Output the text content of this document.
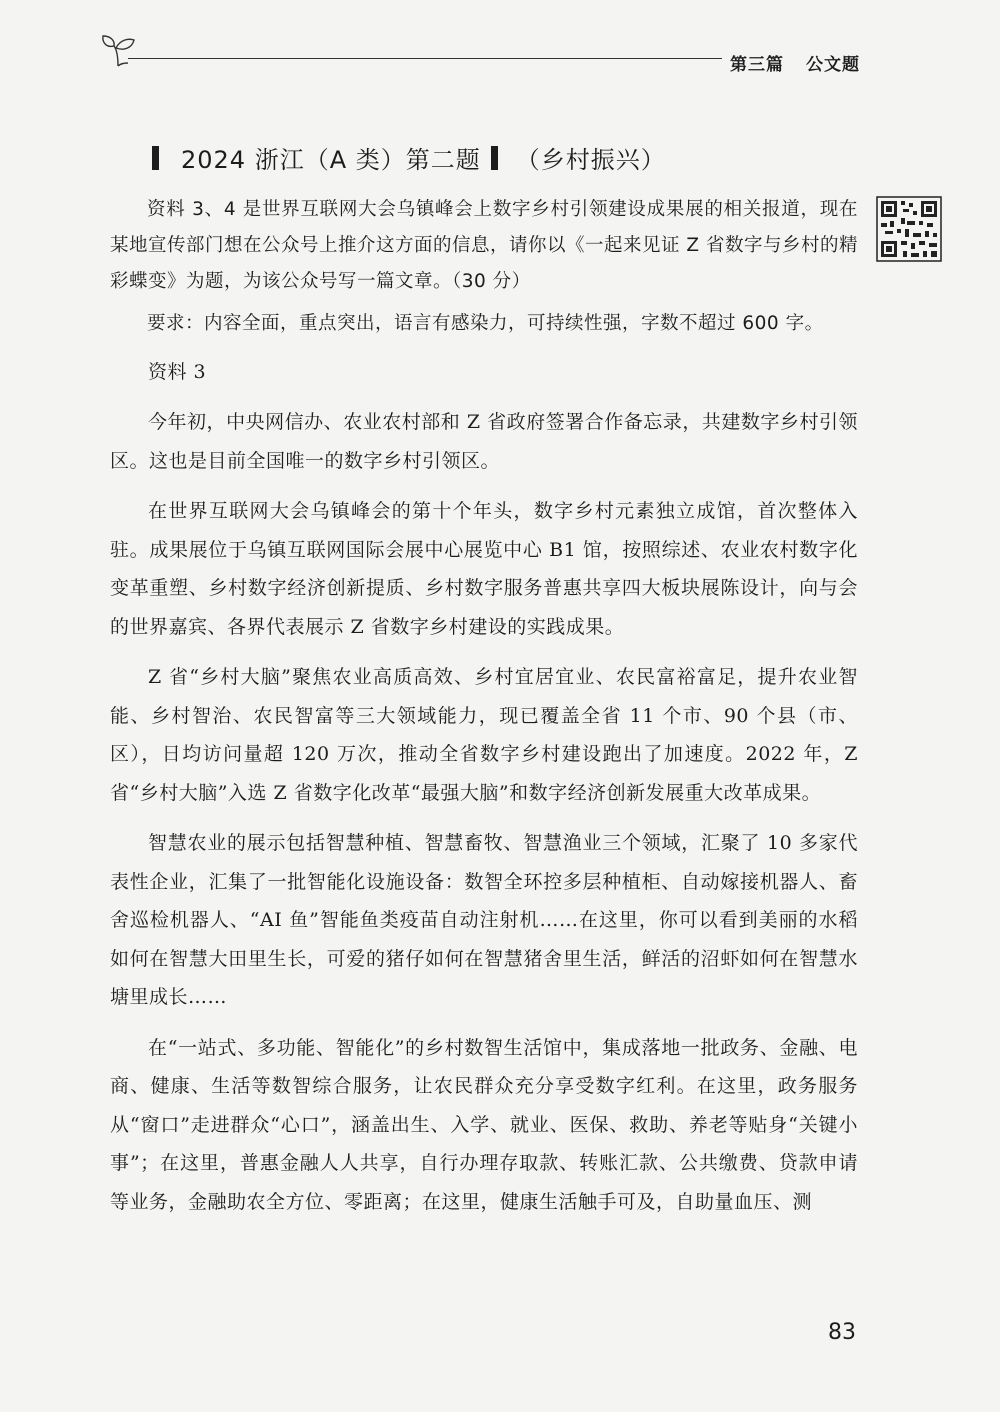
第三篇 公文题
2024 浙江（A 类）第二题 （乡村振兴）

资料 3、4 是世界互联网大会乌镇峰会上数字乡村引领建设成果展的相关报道，现在某地宣传部门想在公众号上推介这方面的信息，请你以《一起来见证 Z 省数字与乡村的精彩蝶变》为题，为该公众号写一篇文章。（30 分）

要求：内容全面，重点突出，语言有感染力，可持续性强，字数不超过 600 字。

资料 3

今年初，中央网信办、农业农村部和 Z 省政府签署合作备忘录，共建数字乡村引领区。这也是目前全国唯一的数字乡村引领区。

在世界互联网大会乌镇峰会的第十个年头，数字乡村元素独立成馆，首次整体入驻。成果展位于乌镇互联网国际会展中心展览中心 B1 馆，按照综述、农业农村数字化变革重塑、乡村数字经济创新提质、乡村数字服务普惠共享四大板块展陈设计，向与会的世界嘉宾、各界代表展示 Z 省数字乡村建设的实践成果。

Z 省“乡村大脑”聚焦农业高质高效、乡村宜居宜业、农民富裕富足，提升农业智能、乡村智治、农民智富等三大领域能力，现已覆盖全省 11 个市、90 个县（市、区），日均访问量超 120 万次，推动全省数字乡村建设跑出了加速度。2022 年，Z 省“乡村大脑”入选 Z 省数字化改革“最强大脑”和数字经济创新发展重大改革成果。

智慧农业的展示包括智慧种植、智慧畜牧、智慧渔业三个领域，汇聚了 10 多家代表性企业，汇集了一批智能化设施设备：数智全环控多层种植柜、自动嫁接机器人、畜舍巡检机器人、“AI 鱼”智能鱼类疫苗自动注射机……在这里，你可以看到美丽的水稻如何在智慧大田里生长，可爱的猪仔如何在智慧猪舍里生活，鲜活的沼虾如何在智慧水塘里成长……

在“一站式、多功能、智能化”的乡村数智生活馆中，集成落地一批政务、金融、电商、健康、生活等数智综合服务，让农民群众充分享受数字红利。在这里，政务服务从“窗口”走进群众“心口”，涵盖出生、入学、就业、医保、救助、养老等贴身“关键小事”；在这里，普惠金融人人共享，自行办理存取款、转账汇款、公共缴费、贷款申请等业务，金融助农全方位、零距离；在这里，健康生活触手可及，自助量血压、测

83
